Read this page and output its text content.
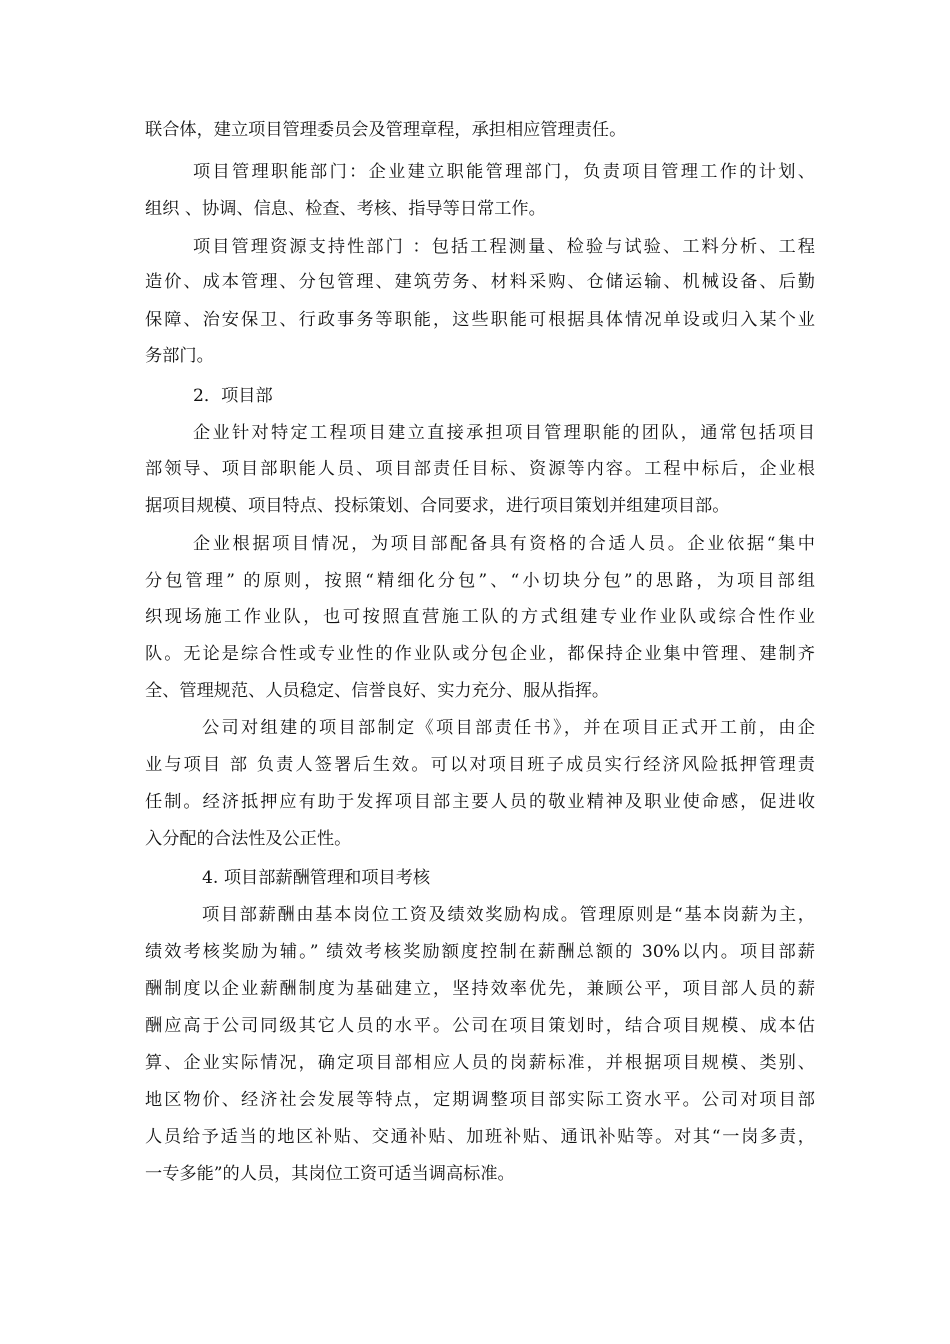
联合体，建立项目管理委员会及管理章程，承担相应管理责任。
项目管理职能部门：企业建立职能管理部门，负责项目管理工作的计划、
组织 、协调、信息、检查、考核、指导等日常工作。
项目管理资源支持性部门 ：包括工程测量、检验与试验、工料分析、工程
造价、成本管理、分包管理、建筑劳务、材料采购、仓储运输、机械设备、后勤
保障、治安保卫、行政事务等职能，这些职能可根据具体情况单设或归入某个业
务部门。
2．项目部
企业针对特定工程项目建立直接承担项目管理职能的团队，通常包括项目
部领导、项目部职能人员、项目部责任目标、资源等内容。工程中标后，企业根
据项目规模、项目特点、投标策划、合同要求，进行项目策划并组建项目部。
企业根据项目情况，为项目部配备具有资格的合适人员。企业依据“集中
分包管理” 的原则，按照“精细化分包”、“小切块分包”的思路，为项目部组
织现场施工作业队，也可按照直营施工队的方式组建专业作业队或综合性作业
队。无论是综合性或专业性的作业队或分包企业，都保持企业集中管理、建制齐
全、管理规范、人员稳定、信誉良好、实力充分、服从指挥。
公司对组建的项目部制定《项目部责任书》，并在项目正式开工前，由企
业与项目 部 负责人签署后生效。可以对项目班子成员实行经济风险抵押管理责
任制。经济抵押应有助于发挥项目部主要人员的敬业精神及职业使命感，促进收
入分配的合法性及公正性。
4. 项目部薪酬管理和项目考核
项目部薪酬由基本岗位工资及绩效奖励构成。管理原则是“基本岗薪为主，
绩效考核奖励为辅。” 绩效考核奖励额度控制在薪酬总额的 30%以内。项目部薪
酬制度以企业薪酬制度为基础建立，坚持效率优先，兼顾公平，项目部人员的薪
酬应高于公司同级其它人员的水平。公司在项目策划时，结合项目规模、成本估
算、企业实际情况，确定项目部相应人员的岗薪标准，并根据项目规模、类别、
地区物价、经济社会发展等特点，定期调整项目部实际工资水平。公司对项目部
人员给予适当的地区补贴、交通补贴、加班补贴、通讯补贴等。对其“一岗多责，
一专多能”的人员，其岗位工资可适当调高标准。
